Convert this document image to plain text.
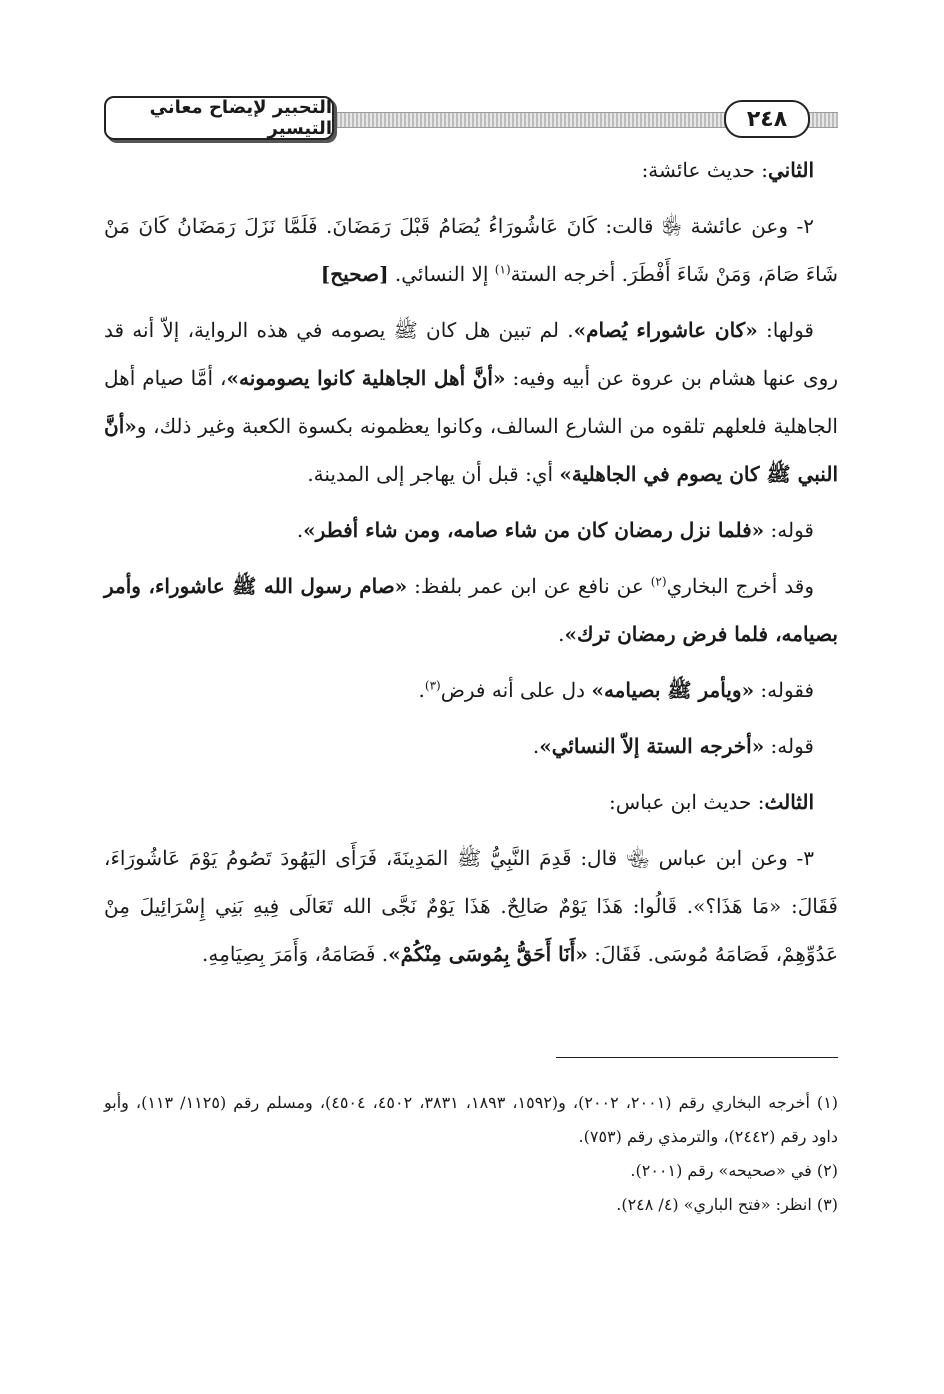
٢٤٨
التحبير لإيضاح معاني التيسير

الثاني: حديث عائشة:

٢- وعن عائشة ﵂ قالت: كَانَ عَاشُورَاءُ يُصَامُ قَبْلَ رَمَضَانَ. فَلَمَّا نَزَلَ رَمَضَانُ كَانَ مَنْ شَاءَ صَامَ، وَمَنْ شَاءَ أَفْطَرَ. أخرجه الستة$^{(١)}$ إلا النسائي. [صحيح]

قولها: «كان عاشوراء يُصام». لم تبين هل كان ﷺ يصومه في هذه الرواية، إلاّ أنه قد روى عنها هشام بن عروة عن أبيه وفيه: «أنَّ أهل الجاهلية كانوا يصومونه»، أمَّا صيام أهل الجاهلية فلعلهم تلقوه من الشارع السالف، وكانوا يعظمونه بكسوة الكعبة وغير ذلك، و«أنَّ النبي ﷺ كان يصوم في الجاهلية» أي: قبل أن يهاجر إلى المدينة.

قوله: «فلما نزل رمضان كان من شاء صامه، ومن شاء أفطر».

وقد أخرج البخاري$^{(٢)}$ عن نافع عن ابن عمر بلفظ: «صام رسول الله ﷺ عاشوراء، وأمر بصيامه، فلما فرض رمضان ترك».

فقوله: «ويأمر ﷺ بصيامه» دل على أنه فرض$^{(٣)}$.

قوله: «أخرجه الستة إلاّ النسائي».

الثالث: حديث ابن عباس:

٣- وعن ابن عباس ﵄ قال: قَدِمَ النَّبِيُّ ﷺ المَدِينَةَ، فَرَأَى اليَهُودَ تَصُومُ يَوْمَ عَاشُورَاءَ، فَقَالَ: «مَا هَذَا؟». قَالُوا: هَذَا يَوْمٌ صَالِحٌ. هَذَا يَوْمٌ نَجَّى الله تَعَالَى فِيهِ بَنِي إِسْرَائِيلَ مِنْ عَدُوِّهِمْ، فَصَامَهُ مُوسَى. فَقَالَ: «أَنَا أَحَقُّ بِمُوسَى مِنْكُمْ». فَصَامَهُ، وَأَمَرَ بِصِيَامِهِ.

(١) أخرجه البخاري رقم (٢٠٠١، ٢٠٠٢)، و(١٥٩٢، ١٨٩٣، ٣٨٣١، ٤٥٠٢، ٤٥٠٤)، ومسلم رقم (١١٢٥/ ١١٣)، وأبو داود رقم (٢٤٤٢)، والترمذي رقم (٧٥٣).

(٢) في «صحيحه» رقم (٢٠٠١).

(٣) انظر: «فتح الباري» (٤/ ٢٤٨).
